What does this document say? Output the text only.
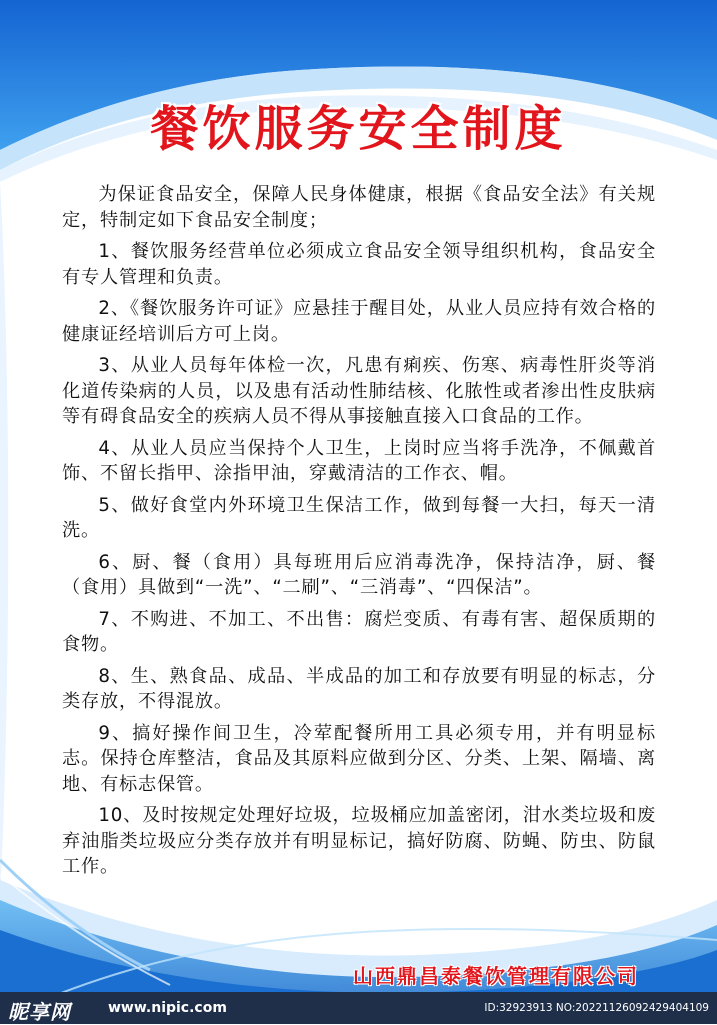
餐饮服务安全制度

为保证食品安全，保障人民身体健康，根据《食品安全法》有关规定，特制定如下食品安全制度；

1、餐饮服务经营单位必须成立食品安全领导组织机构，食品安全有专人管理和负责。

2、《餐饮服务许可证》应悬挂于醒目处，从业人员应持有效合格的健康证经培训后方可上岗。

3、从业人员每年体检一次，凡患有痢疾、伤寒、病毒性肝炎等消化道传染病的人员，以及患有活动性肺结核、化脓性或者渗出性皮肤病等有碍食品安全的疾病人员不得从事接触直接入口食品的工作。

4、从业人员应当保持个人卫生，上岗时应当将手洗净，不佩戴首饰、不留长指甲、涂指甲油，穿戴清洁的工作衣、帽。

5、做好食堂内外环境卫生保洁工作，做到每餐一大扫，每天一清洗。

6、厨、餐（食用）具每班用后应消毒洗净，保持洁净，厨、餐（食用）具做到“一洗”、“二刷”、“三消毒”、“四保洁”。

7、不购进、不加工、不出售：腐烂变质、有毒有害、超保质期的食物。

8、生、熟食品、成品、半成品的加工和存放要有明显的标志，分类存放，不得混放。

9、搞好操作间卫生，冷荤配餐所用工具必须专用，并有明显标志。保持仓库整洁，食品及其原料应做到分区、分类、上架、隔墙、离地、有标志保管。

10、及时按规定处理好垃圾，垃圾桶应加盖密闭，泔水类垃圾和废弃油脂类垃圾应分类存放并有明显标记，搞好防腐、防蝇、防虫、防鼠工作。

山西鼎昌泰餐饮管理有限公司
昵享网	www.nipic.com	ID:32923913 NO:20221126092429404109
